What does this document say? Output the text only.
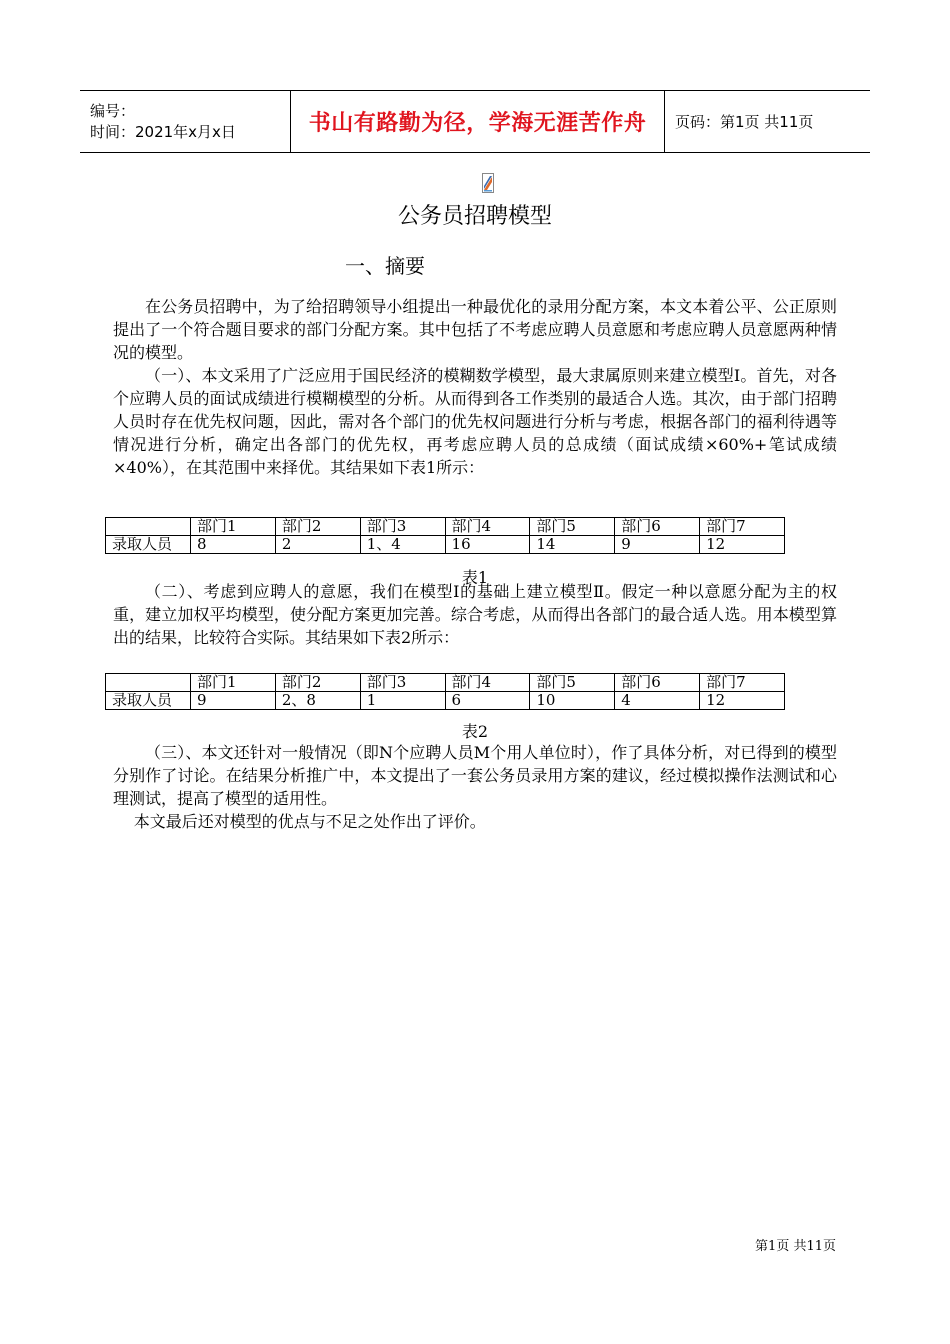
编号：
时间：2021年x月x日	书山有路勤为径，学海无涯苦作舟	页码：第1页 共11页
公务员招聘模型
一、摘要

在公务员招聘中，为了给招聘领导小组提出一种最优化的录用分配方案，本文本着公平、公正原则提出了一个符合题目要求的部门分配方案。其中包括了不考虑应聘人员意愿和考虑应聘人员意愿两种情况的模型。

（一）、本文采用了广泛应用于国民经济的模糊数学模型，最大隶属原则来建立模型Ⅰ。首先，对各个应聘人员的面试成绩进行模糊模型的分析。从而得到各工作类别的最适合人选。其次，由于部门招聘人员时存在优先权问题，因此，需对各个部门的优先权问题进行分析与考虑，根据各部门的福利待遇等情况进行分析，确定出各部门的优先权，再考虑应聘人员的总成绩（面试成绩×60%+笔试成绩×40%），在其范围中来择优。其结果如下表1所示：

	部门1	部门2	部门3	部门4	部门5	部门6	部门7
录取人员	8	2	1、4	16	14	9	12
表1

（二）、考虑到应聘人的意愿，我们在模型Ⅰ的基础上建立模型Ⅱ。假定一种以意愿分配为主的权重，建立加权平均模型，使分配方案更加完善。综合考虑，从而得出各部门的最合适人选。用本模型算出的结果，比较符合实际。其结果如下表2所示：

	部门1	部门2	部门3	部门4	部门5	部门6	部门7
录取人员	9	2、8	1	6	10	4	12
表2

（三）、本文还针对一般情况（即N个应聘人员M个用人单位时），作了具体分析，对已得到的模型分别作了讨论。在结果分析推广中，本文提出了一套公务员录用方案的建议，经过模拟操作法测试和心理测试，提高了模型的适用性。

本文最后还对模型的优点与不足之处作出了评价。

第1页 共11页
